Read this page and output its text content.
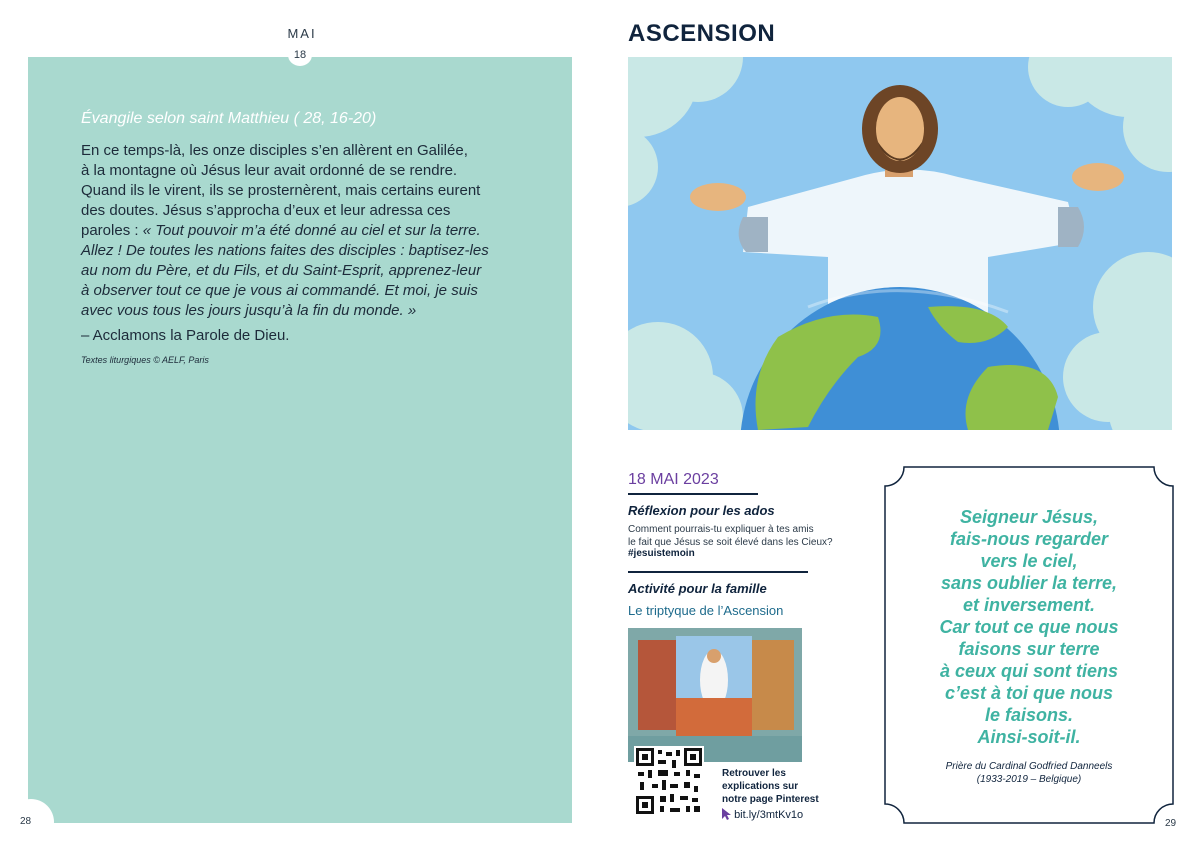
MAI
18
Évangile selon saint Matthieu ( 28, 16-20)
En ce temps-là, les onze disciples s’en allèrent en Galilée,
à la montagne où Jésus leur avait ordonné de se rendre.
Quand ils le virent, ils se prosternèrent, mais certains eurent
des doutes. Jésus s’approcha d’eux et leur adressa ces
paroles : « Tout pouvoir m’a été donné au ciel et sur la terre.
Allez ! De toutes les nations faites des disciples : baptisez-les
au nom du Père, et du Fils, et du Saint-Esprit, apprenez-leur
à observer tout ce que je vous ai commandé. Et moi, je suis
avec vous tous les jours jusqu’à la fin du monde. »
– Acclamons la Parole de Dieu.
Textes liturgiques © AELF, Paris
28
ASCENSION
18 MAI 2023
Réflexion pour les ados
Comment pourrais-tu expliquer à tes amis
le fait que Jésus se soit élevé dans les Cieux?
#jesuistemoin
Activité pour la famille
Le triptyque de l’Ascension
Retrouver les
explications sur
notre page Pinterest
bit.ly/3mtKv1o
Seigneur Jésus,
fais-nous regarder
vers le ciel,
sans oublier la terre,
et inversement.
Car tout ce que nous
faisons sur terre
à ceux qui sont tiens
c’est à toi que nous
le faisons.
Ainsi-soit-il.
Prière du Cardinal Godfried Danneels
(1933-2019 – Belgique)
29
